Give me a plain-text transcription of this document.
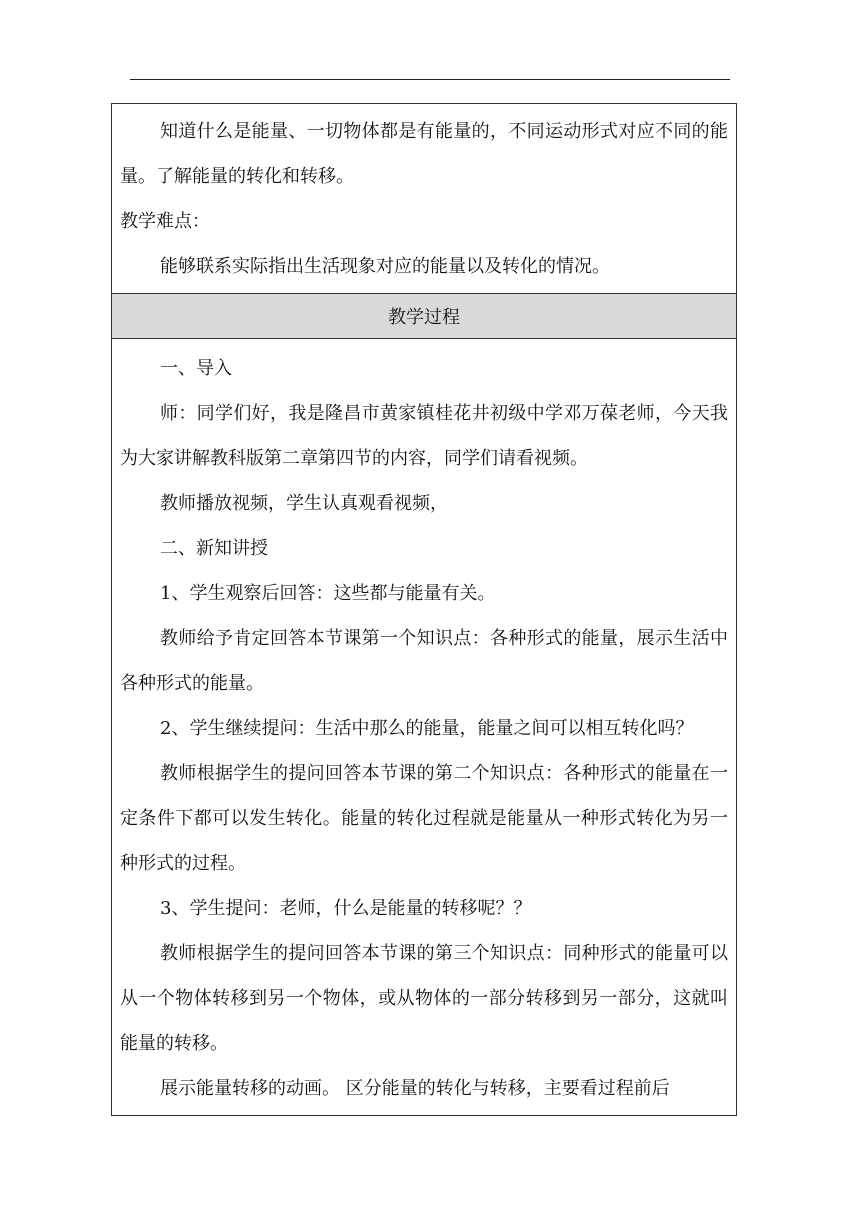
知道什么是能量、一切物体都是有能量的，不同运动形式对应不同的能量。了解能量的转化和转移。

教学难点：

能够联系实际指出生活现象对应的能量以及转化的情况。

教学过程

一、导入

师：同学们好，我是隆昌市黄家镇桂花井初级中学邓万葆老师，今天我为大家讲解教科版第二章第四节的内容，同学们请看视频。

教师播放视频，学生认真观看视频，

二、新知讲授

1、学生观察后回答：这些都与能量有关。

教师给予肯定回答本节课第一个知识点：各种形式的能量，展示生活中各种形式的能量。

2、学生继续提问：生活中那么的能量，能量之间可以相互转化吗？

教师根据学生的提问回答本节课的第二个知识点：各种形式的能量在一定条件下都可以发生转化。能量的转化过程就是能量从一种形式转化为另一种形式的过程。

3、学生提问：老师，什么是能量的转移呢？？

教师根据学生的提问回答本节课的第三个知识点：同种形式的能量可以从一个物体转移到另一个物体，或从物体的一部分转移到另一部分，这就叫能量的转移。

展示能量转移的动画。 区分能量的转化与转移，主要看过程前后
